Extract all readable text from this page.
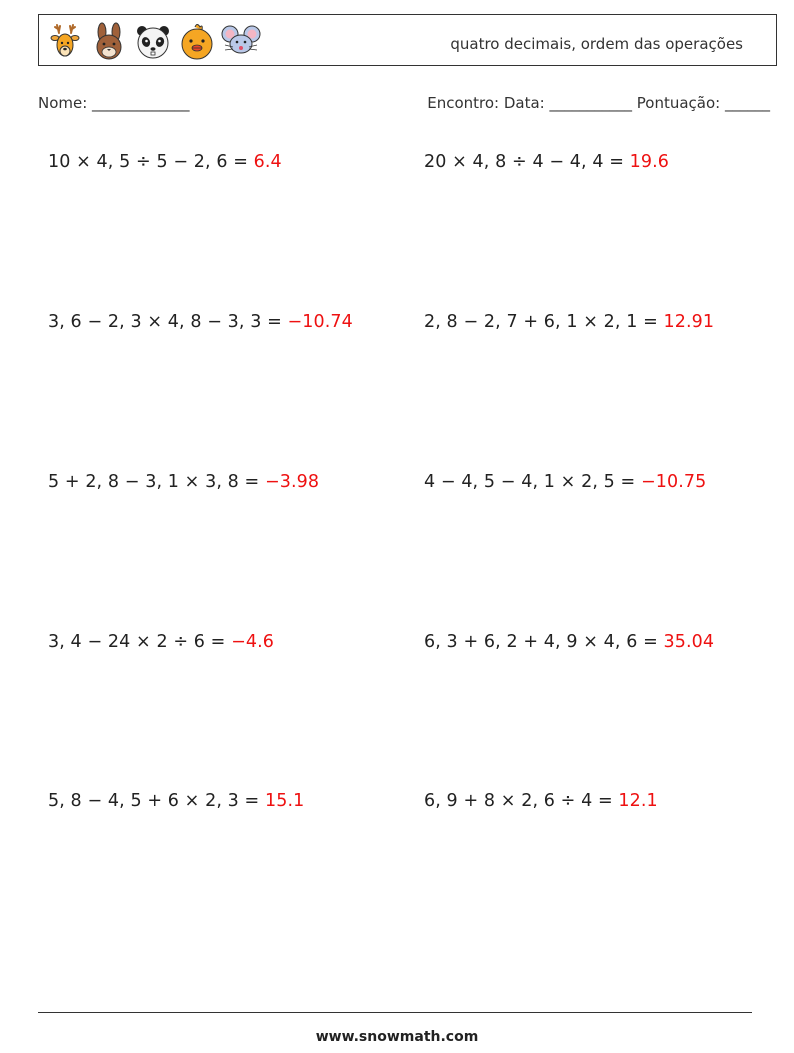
quatro decimais, ordem das operações
Nome: _____________	Encontro: Data: ___________ Pontuação: ______
10 × 4, 5 ÷ 5 − 2, 6 = 6.4	20 × 4, 8 ÷ 4 − 4, 4 = 19.6
3, 6 − 2, 3 × 4, 8 − 3, 3 = −10.74	2, 8 − 2, 7 + 6, 1 × 2, 1 = 12.91
5 + 2, 8 − 3, 1 × 3, 8 = −3.98	4 − 4, 5 − 4, 1 × 2, 5 = −10.75
3, 4 − 24 × 2 ÷ 6 = −4.6	6, 3 + 6, 2 + 4, 9 × 4, 6 = 35.04
5, 8 − 4, 5 + 6 × 2, 3 = 15.1	6, 9 + 8 × 2, 6 ÷ 4 = 12.1
www.snowmath.com
